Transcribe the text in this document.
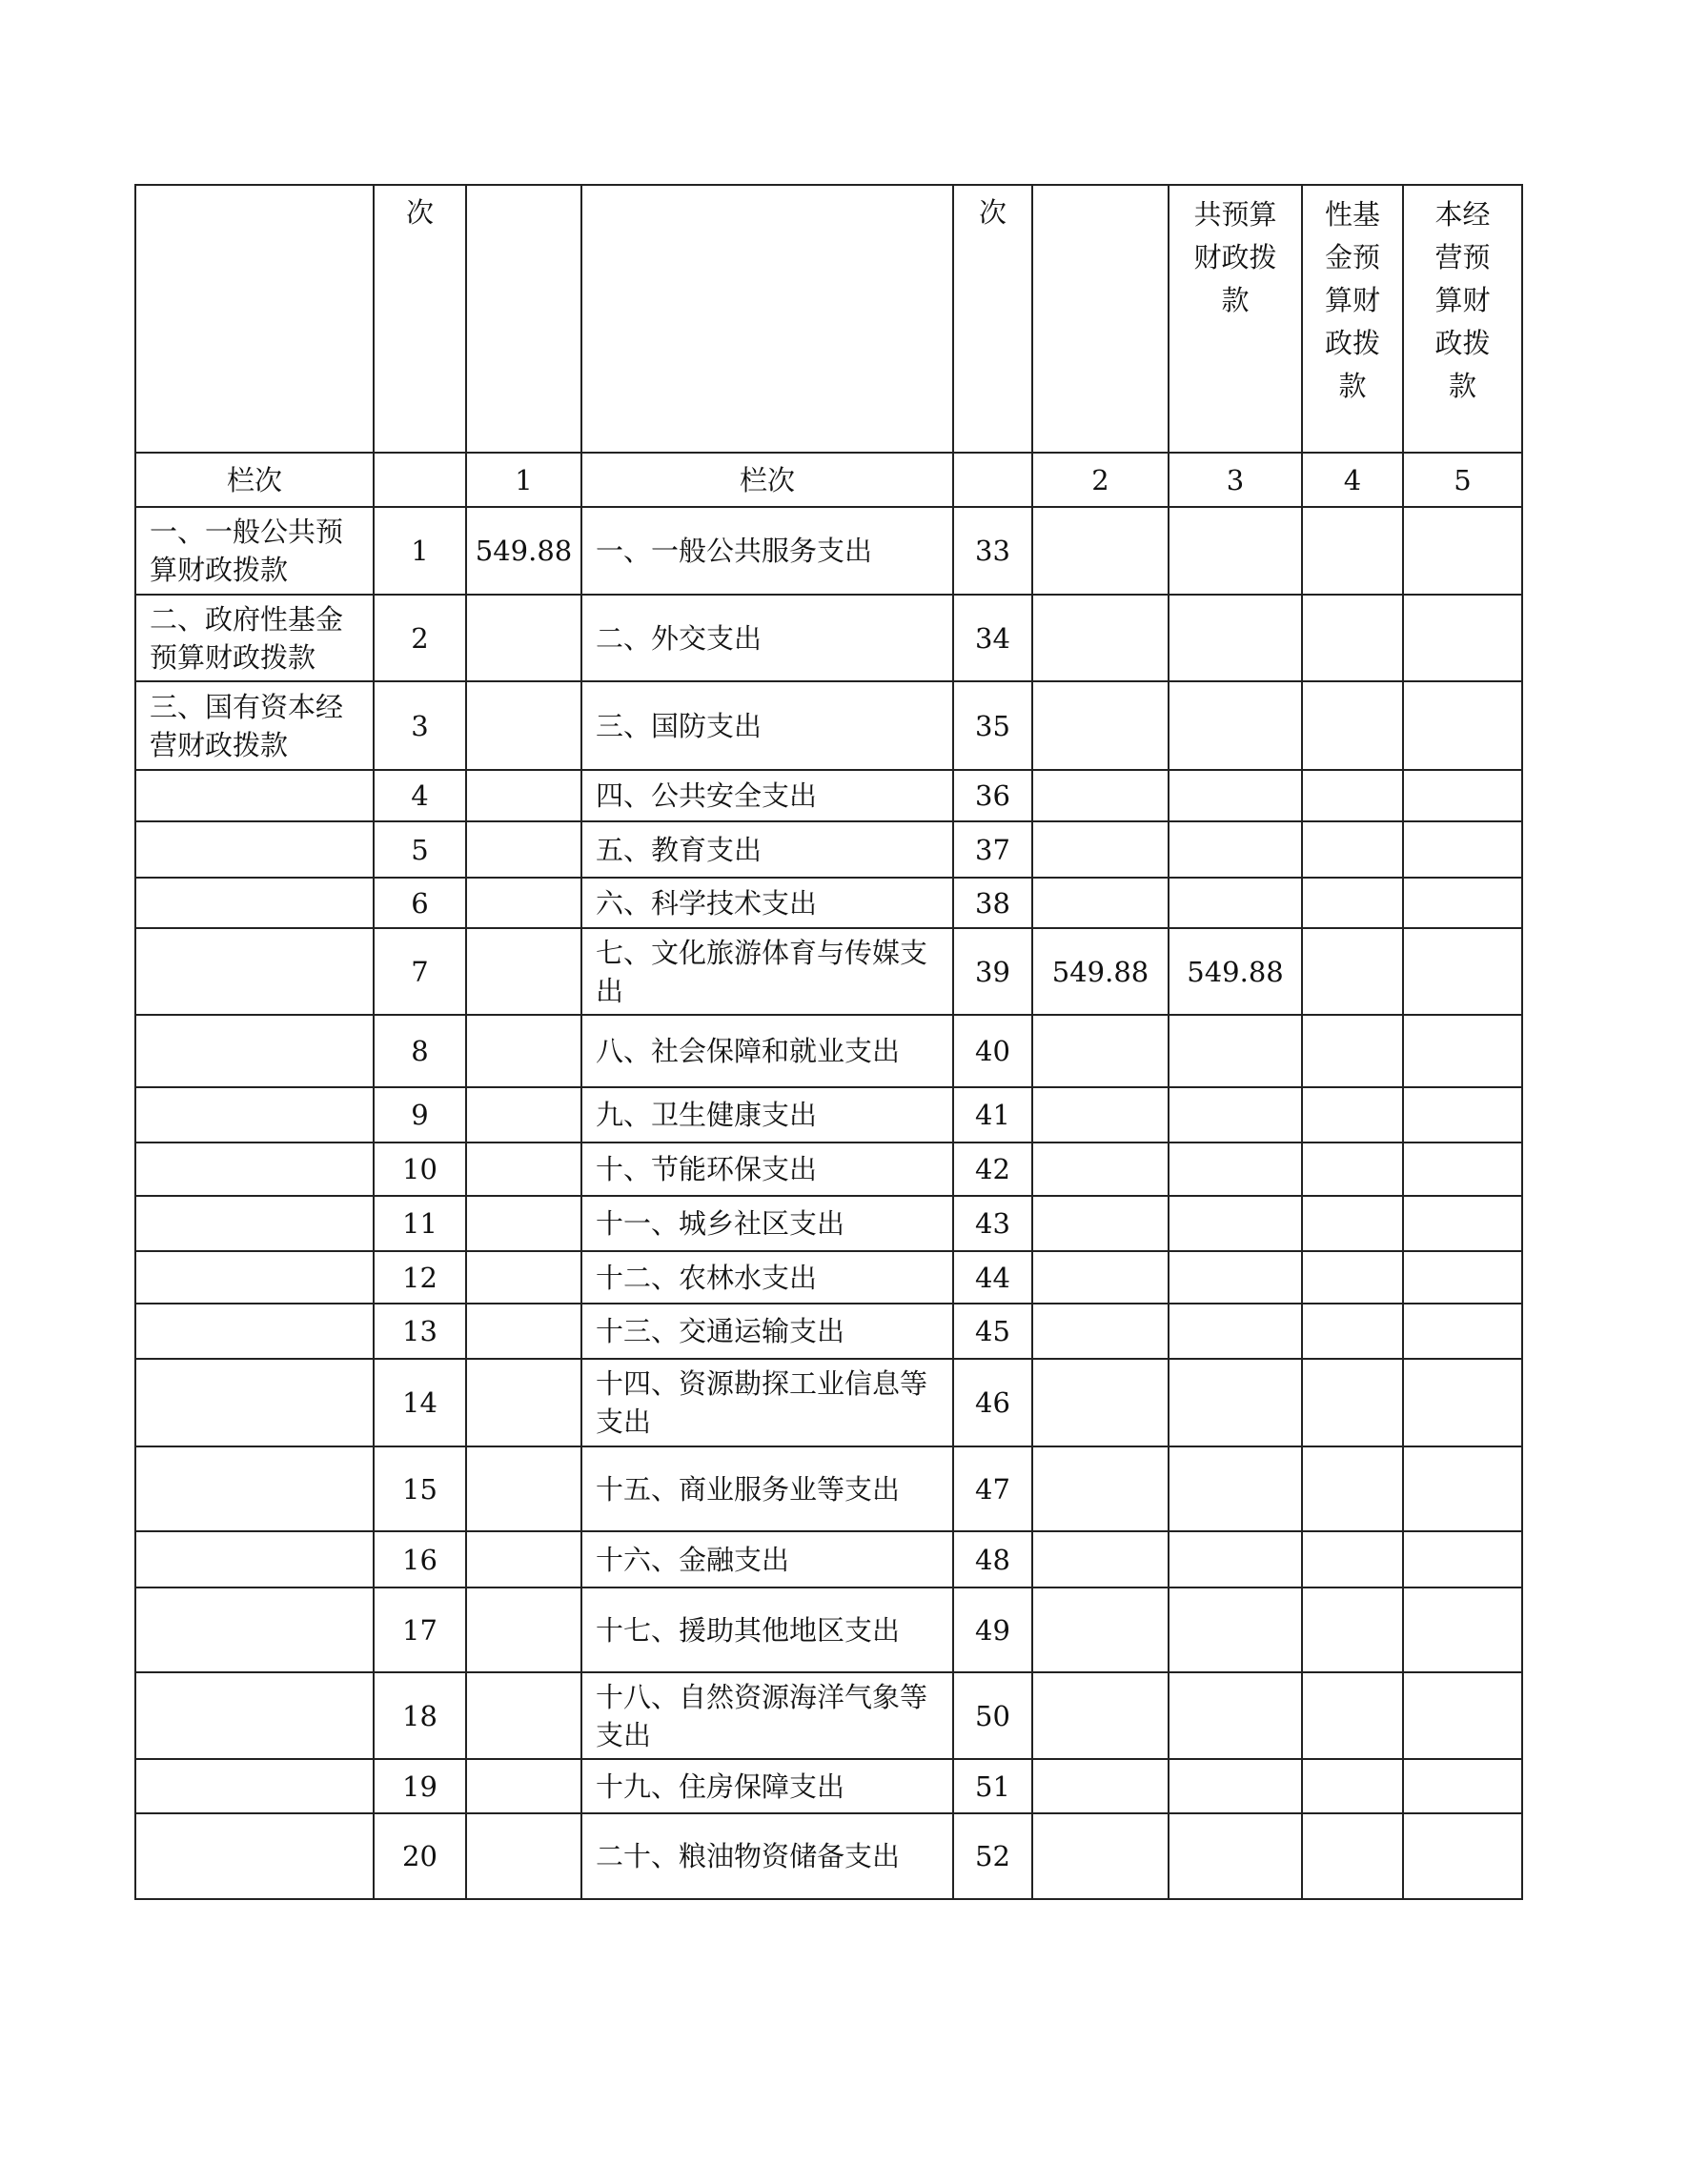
	次			次		共预算财政拨款	性基金预算财政拨款	本经营预算财政拨款

栏次		1	栏次		2	3	4	5
一、一般公共预算财政拨款	1	549.88	一、一般公共服务支出	33				
二、政府性基金预算财政拨款	2		二、外交支出	34				
三、国有资本经营财政拨款	3		三、国防支出	35				
	4		四、公共安全支出	36				
	5		五、教育支出	37				
	6		六、科学技术支出	38				
	7		七、文化旅游体育与传媒支出	39	549.88	549.88		
	8		八、社会保障和就业支出	40				
	9		九、卫生健康支出	41				
	10		十、节能环保支出	42				
	11		十一、城乡社区支出	43				
	12		十二、农林水支出	44				
	13		十三、交通运输支出	45				
	14		十四、资源勘探工业信息等支出	46				
	15		十五、商业服务业等支出	47				
	16		十六、金融支出	48				
	17		十七、援助其他地区支出	49				
	18		十八、自然资源海洋气象等支出	50				
	19		十九、住房保障支出	51				
	20		二十、粮油物资储备支出	52				
